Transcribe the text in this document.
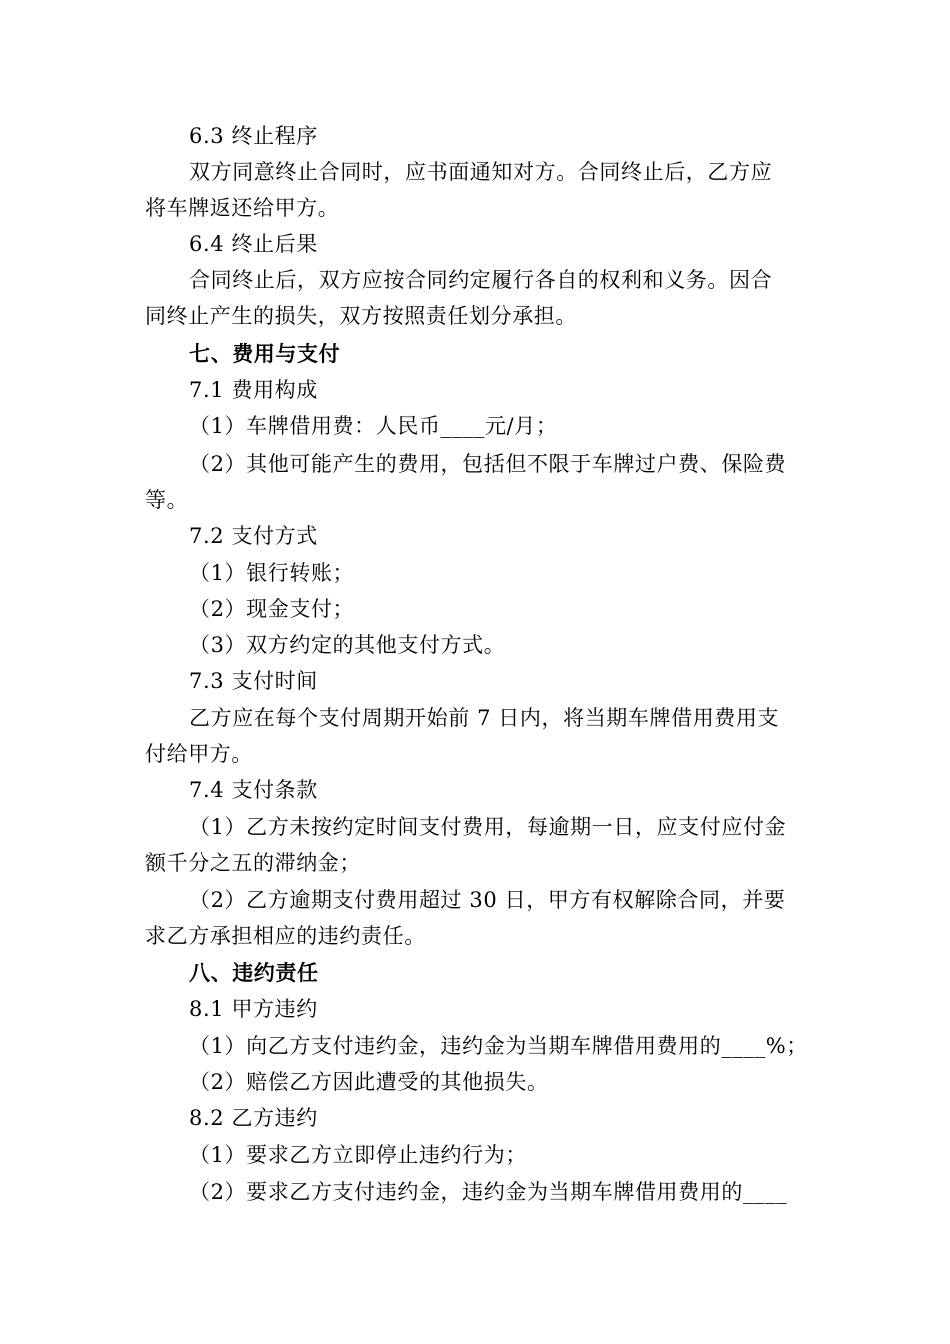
6.3 终止程序
双方同意终止合同时，应书面通知对方。合同终止后，乙方应
将车牌返还给甲方。
6.4 终止后果
合同终止后，双方应按合同约定履行各自的权利和义务。因合
同终止产生的损失，双方按照责任划分承担。
七、费用与支付
7.1 费用构成
（1）车牌借用费：人民币____元/月；
（2）其他可能产生的费用，包括但不限于车牌过户费、保险费
等。
7.2 支付方式
（1）银行转账；
（2）现金支付；
（3）双方约定的其他支付方式。
7.3 支付时间
乙方应在每个支付周期开始前 7 日内，将当期车牌借用费用支
付给甲方。
7.4 支付条款
（1）乙方未按约定时间支付费用，每逾期一日，应支付应付金
额千分之五的滞纳金；
（2）乙方逾期支付费用超过 30 日，甲方有权解除合同，并要
求乙方承担相应的违约责任。
八、违约责任
8.1 甲方违约
（1）向乙方支付违约金，违约金为当期车牌借用费用的____%；
（2）赔偿乙方因此遭受的其他损失。
8.2 乙方违约
（1）要求乙方立即停止违约行为；
（2）要求乙方支付违约金，违约金为当期车牌借用费用的____
